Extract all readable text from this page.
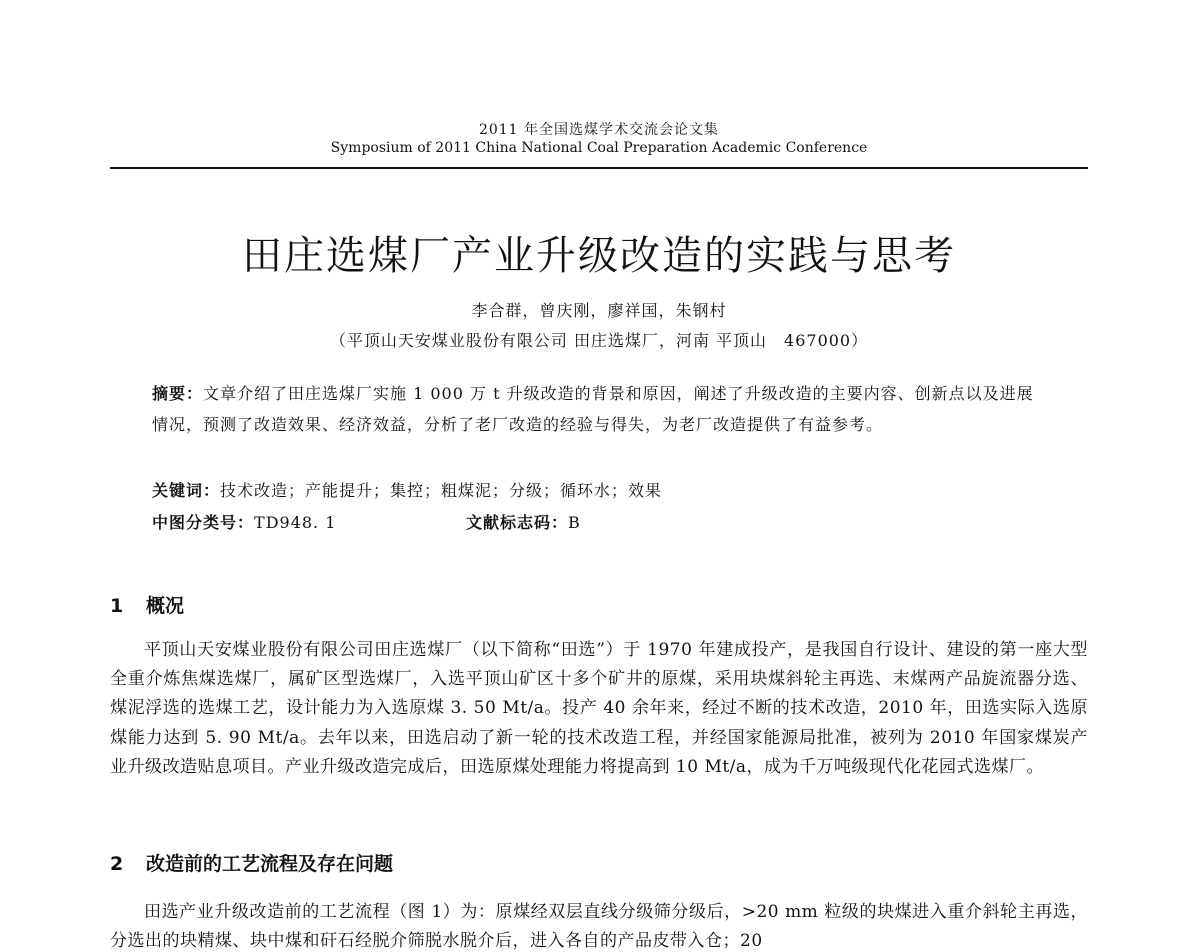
2011 年全国选煤学术交流会论文集
Symposium of 2011 China National Coal Preparation Academic Conference
田庄选煤厂产业升级改造的实践与思考
李合群，曾庆刚，廖祥国，朱钢村
（平顶山天安煤业股份有限公司 田庄选煤厂，河南 平顶山　467000）
摘要：文章介绍了田庄选煤厂实施 1 000 万 t 升级改造的背景和原因，阐述了升级改造的主要内容、创新点以及进展情况，预测了改造效果、经济效益，分析了老厂改造的经验与得失，为老厂改造提供了有益参考。
关键词：技术改造；产能提升；集控；粗煤泥；分级；循环水；效果
中图分类号：TD948. 1	文献标志码：B
1 概况

平顶山天安煤业股份有限公司田庄选煤厂（以下简称“田选”）于 1970 年建成投产，是我国自行设计、建设的第一座大型全重介炼焦煤选煤厂，属矿区型选煤厂，入选平顶山矿区十多个矿井的原煤，采用块煤斜轮主再选、末煤两产品旋流器分选、煤泥浮选的选煤工艺，设计能力为入选原煤 3. 50 Mt/a。投产 40 余年来，经过不断的技术改造，2010 年，田选实际入选原煤能力达到 5. 90 Mt/a。去年以来，田选启动了新一轮的技术改造工程，并经国家能源局批准，被列为 2010 年国家煤炭产业升级改造贴息项目。产业升级改造完成后，田选原煤处理能力将提高到 10 Mt/a，成为千万吨级现代化花园式选煤厂。

2 改造前的工艺流程及存在问题

田选产业升级改造前的工艺流程（图 1）为：原煤经双层直线分级筛分级后，>20 mm 粒级的块煤进入重介斜轮主再选，分选出的块精煤、块中煤和矸石经脱介筛脱水脱介后，进入各自的产品皮带入仓；20
